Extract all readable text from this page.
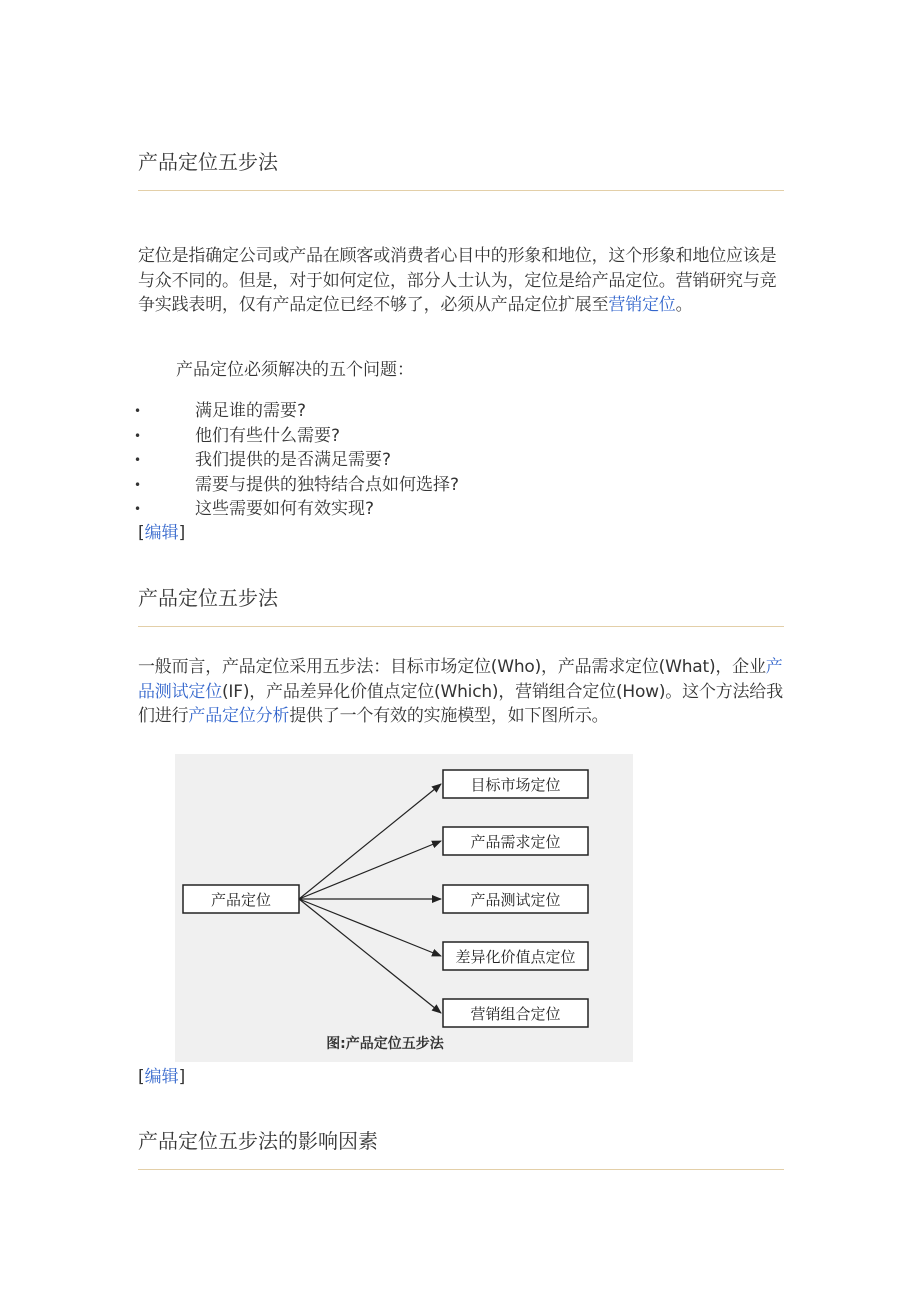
产品定位五步法

定位是指确定公司或产品在顾客或消费者心目中的形象和地位，这个形象和地位应该是与众不同的。但是，对于如何定位，部分人士认为，定位是给产品定位。营销研究与竞争实践表明，仅有产品定位已经不够了，必须从产品定位扩展至营销定位。

产品定位必须解决的五个问题：

•	满足谁的需要?
•	他们有些什么需要?
•	我们提供的是否满足需要?
•	需要与提供的独特结合点如何选择?
•	这些需要如何有效实现?
[编辑]
产品定位五步法

一般而言，产品定位采用五步法：目标市场定位(Who)，产品需求定位(What)，企业产品测试定位(IF)，产品差异化价值点定位(Which)，营销组合定位(How)。这个方法给我们进行产品定位分析提供了一个有效的实施模型，如下图所示。

产品定位
目标市场定位
产品需求定位
产品测试定位
差异化价值点定位
营销组合定位
图:产品定位五步法
[编辑]
产品定位五步法的影响因素
